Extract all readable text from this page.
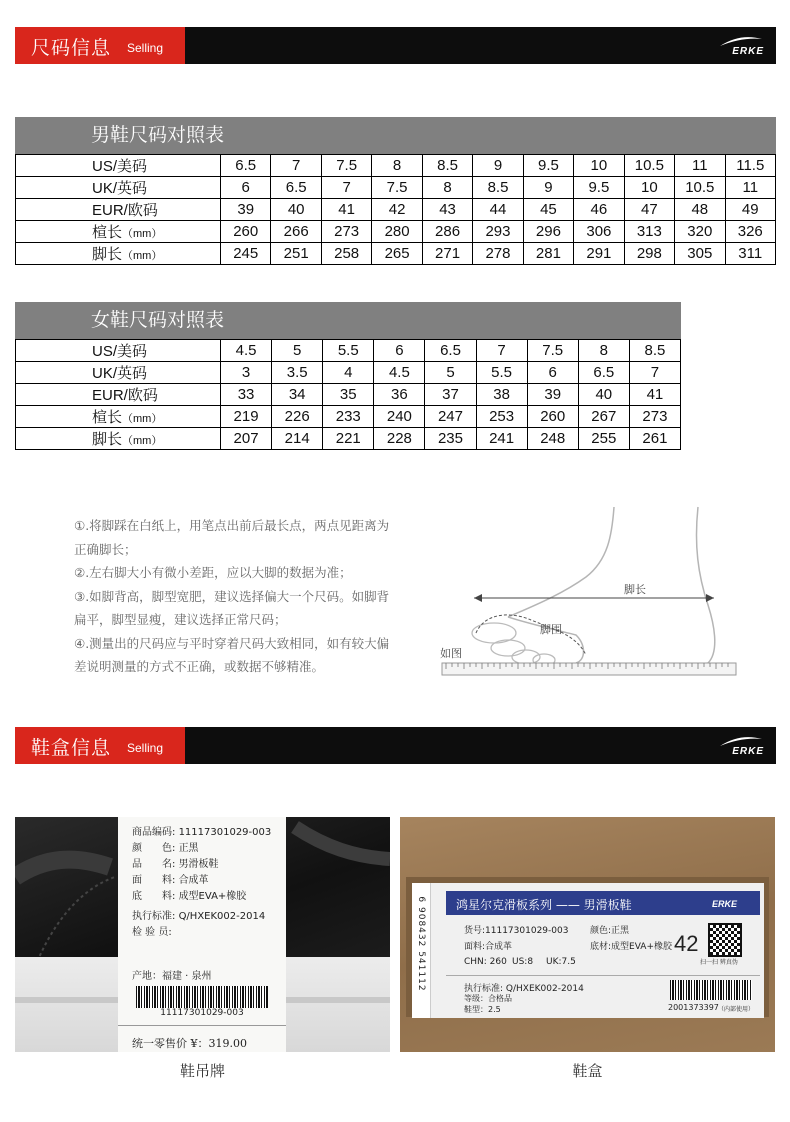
尺码信息 Selling	ERKE
男鞋尺码对照表
US/美码	6.5	7	7.5	8	8.5	9	9.5	10	10.5	11	11.5
UK/英码	6	6.5	7	7.5	8	8.5	9	9.5	10	10.5	11
EUR/欧码	39	40	41	42	43	44	45	46	47	48	49
楦长（mm）	260	266	273	280	286	293	296	306	313	320	326
脚长（mm）	245	251	258	265	271	278	281	291	298	305	311
女鞋尺码对照表
US/美码	4.5	5	5.5	6	6.5	7	7.5	8	8.5
UK/英码	3	3.5	4	4.5	5	5.5	6	6.5	7
EUR/欧码	33	34	35	36	37	38	39	40	41
楦长（mm）	219	226	233	240	247	253	260	267	273
脚长（mm）	207	214	221	228	235	241	248	255	261

①.将脚踩在白纸上，用笔点出前后最长点，两点见距离为

正确脚长；

②.左右脚大小有微小差距，应以大脚的数据为准；

③.如脚背高，脚型宽肥，建议选择偏大一个尺码。如脚背

扁平，脚型显瘦，建议选择正常尺码；

④.测量出的尺码应与平时穿着尺码大致相同，如有较大偏

差说明测量的方式不正确，或数据不够精准。

脚长
脚围
如图
鞋盒信息 Selling	ERKE
商品编码: 11117301029-003
颜　　色: 正黑
品　　名: 男滑板鞋
面　　料: 合成革
底　　料: 成型EVA+橡胶
执行标准: Q/HXEK002-2014
检 验 员:
产地：福建 · 泉州
11117301029-003
统一零售价 ¥：319.00
鞋吊牌
6 908432 541112	鸿星尔克滑板系列 —— 男滑板鞋	ERKE
货号:11117301029-003 颜色:正黑
面料:合成革	底材:成型EVA+橡胶 42
扫一扫 辨真伪
CHN: 260 US:8 UK:7.5
执行标准: Q/HXEK002-2014
等级：合格品
鞋型：2.5	2001373397 （内部使用）
鞋盒
